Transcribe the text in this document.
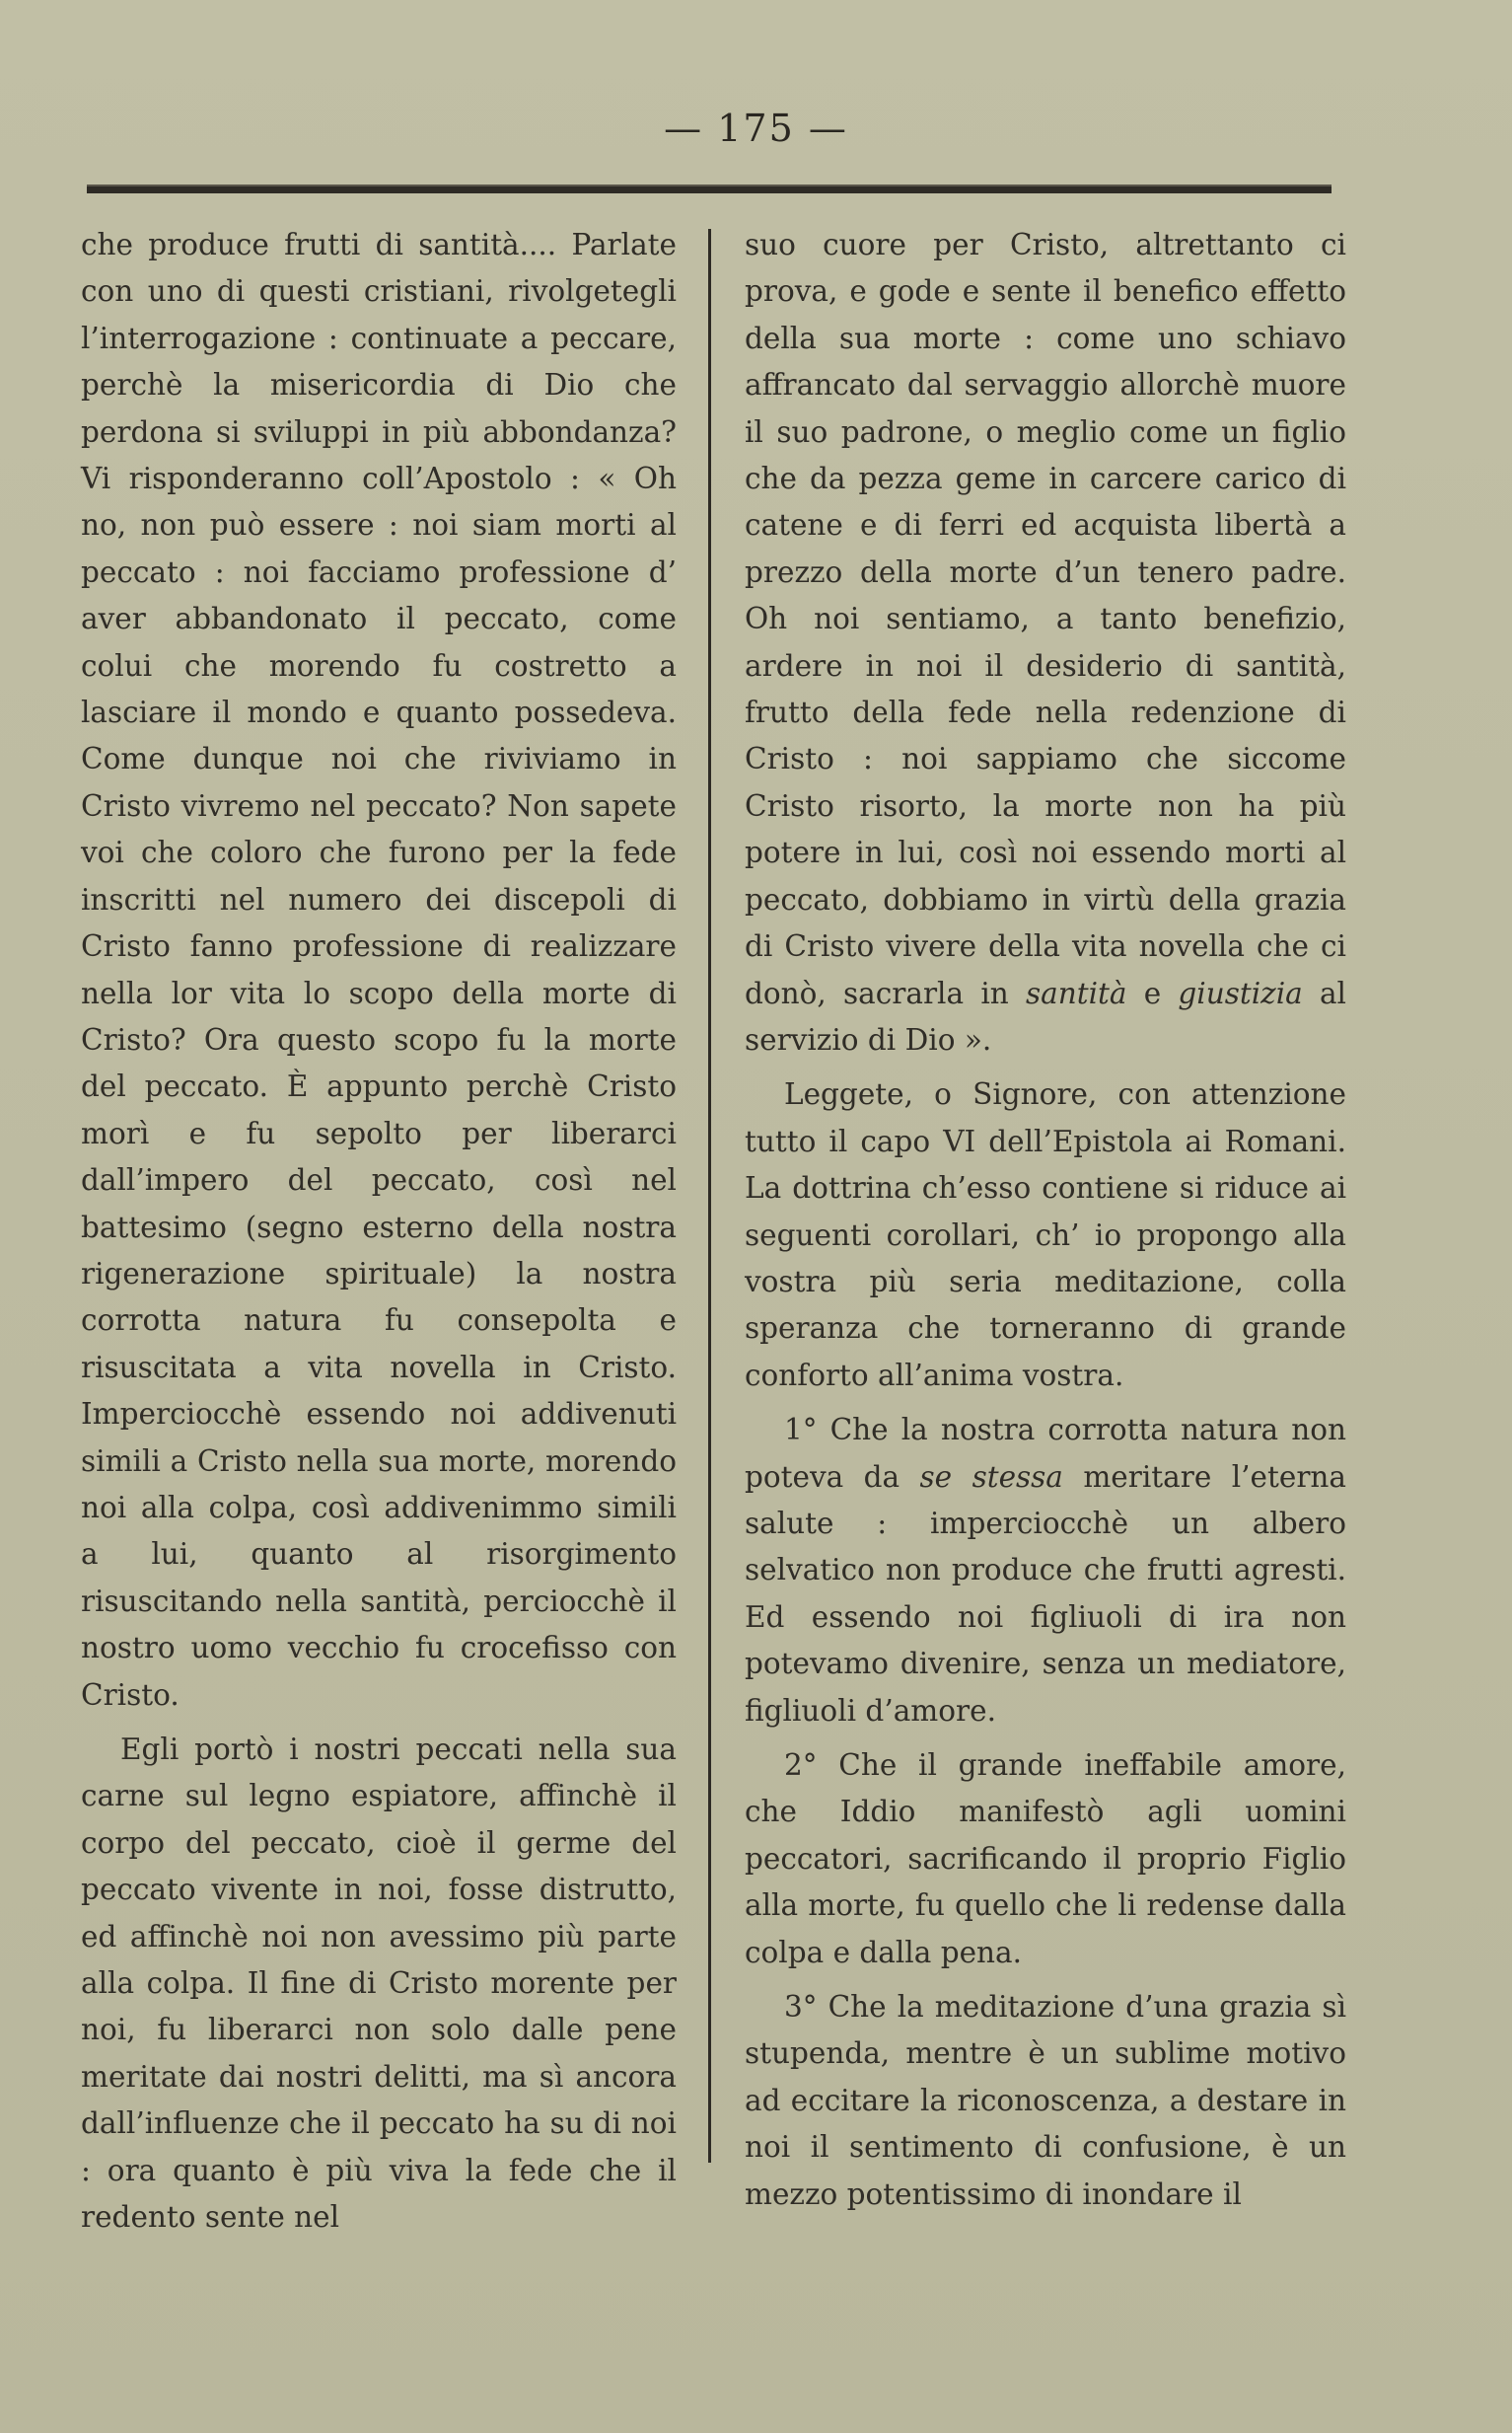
— 175 —

che produce frutti di santità.... Parlate con uno di questi cristiani, rivolgetegli l’interrogazione : continuate a peccare, perchè la misericordia di Dio che perdona si sviluppi in più abbondanza? Vi risponderanno coll’Apostolo : « Oh no, non può essere : noi siam morti al peccato : noi facciamo professione d’ aver abbandonato il peccato, come colui che morendo fu costretto a lasciare il mondo e quanto possedeva. Come dunque noi che riviviamo in Cristo vivremo nel peccato? Non sapete voi che coloro che furono per la fede inscritti nel numero dei discepoli di Cristo fanno professione di realizzare nella lor vita lo scopo della morte di Cristo? Ora questo scopo fu la morte del peccato. È appunto perchè Cristo morì e fu sepolto per liberarci dall’impero del peccato, così nel battesimo (segno esterno della nostra rigenerazione spirituale) la nostra corrotta natura fu consepolta e risuscitata a vita novella in Cristo. Imperciocchè essendo noi addivenuti simili a Cristo nella sua morte, morendo noi alla colpa, così addivenimmo simili a lui, quanto al risorgimento risuscitando nella santità, perciocchè il nostro uomo vecchio fu crocefisso con Cristo.

Egli portò i nostri peccati nella sua carne sul legno espiatore, affinchè il corpo del peccato, cioè il germe del peccato vivente in noi, fosse distrutto, ed affinchè noi non avessimo più parte alla colpa. Il fine di Cristo morente per noi, fu liberarci non solo dalle pene meritate dai nostri delitti, ma sì ancora dall’influenze che il peccato ha su di noi : ora quanto è più viva la fede che il redento sente nel

suo cuore per Cristo, altrettanto ci prova, e gode e sente il benefico effetto della sua morte : come uno schiavo affrancato dal servaggio allorchè muore il suo padrone, o meglio come un figlio che da pezza geme in carcere carico di catene e di ferri ed acquista libertà a prezzo della morte d’un tenero padre. Oh noi sentiamo, a tanto benefizio, ardere in noi il desiderio di santità, frutto della fede nella redenzione di Cristo : noi sappiamo che siccome Cristo risorto, la morte non ha più potere in lui, così noi essendo morti al peccato, dobbiamo in virtù della grazia di Cristo vivere della vita novella che ci donò, sacrarla in santità e giustizia al servizio di Dio ».

Leggete, o Signore, con attenzione tutto il capo VI dell’Epistola ai Romani. La dottrina ch’esso contiene si riduce ai seguenti corollari, ch’ io propongo alla vostra più seria meditazione, colla speranza che torneranno di grande conforto all’anima vostra.

1° Che la nostra corrotta natura non poteva da se stessa meritare l’eterna salute : imperciocchè un albero selvatico non produce che frutti agresti. Ed essendo noi figliuoli di ira non potevamo divenire, senza un mediatore, figliuoli d’amore.

2° Che il grande ineffabile amore, che Iddio manifestò agli uomini peccatori, sacrificando il proprio Figlio alla morte, fu quello che li redense dalla colpa e dalla pena.

3° Che la meditazione d’una grazia sì stupenda, mentre è un sublime motivo ad eccitare la riconoscenza, a destare in noi il sentimento di confusione, è un mezzo potentissimo di inondare il
